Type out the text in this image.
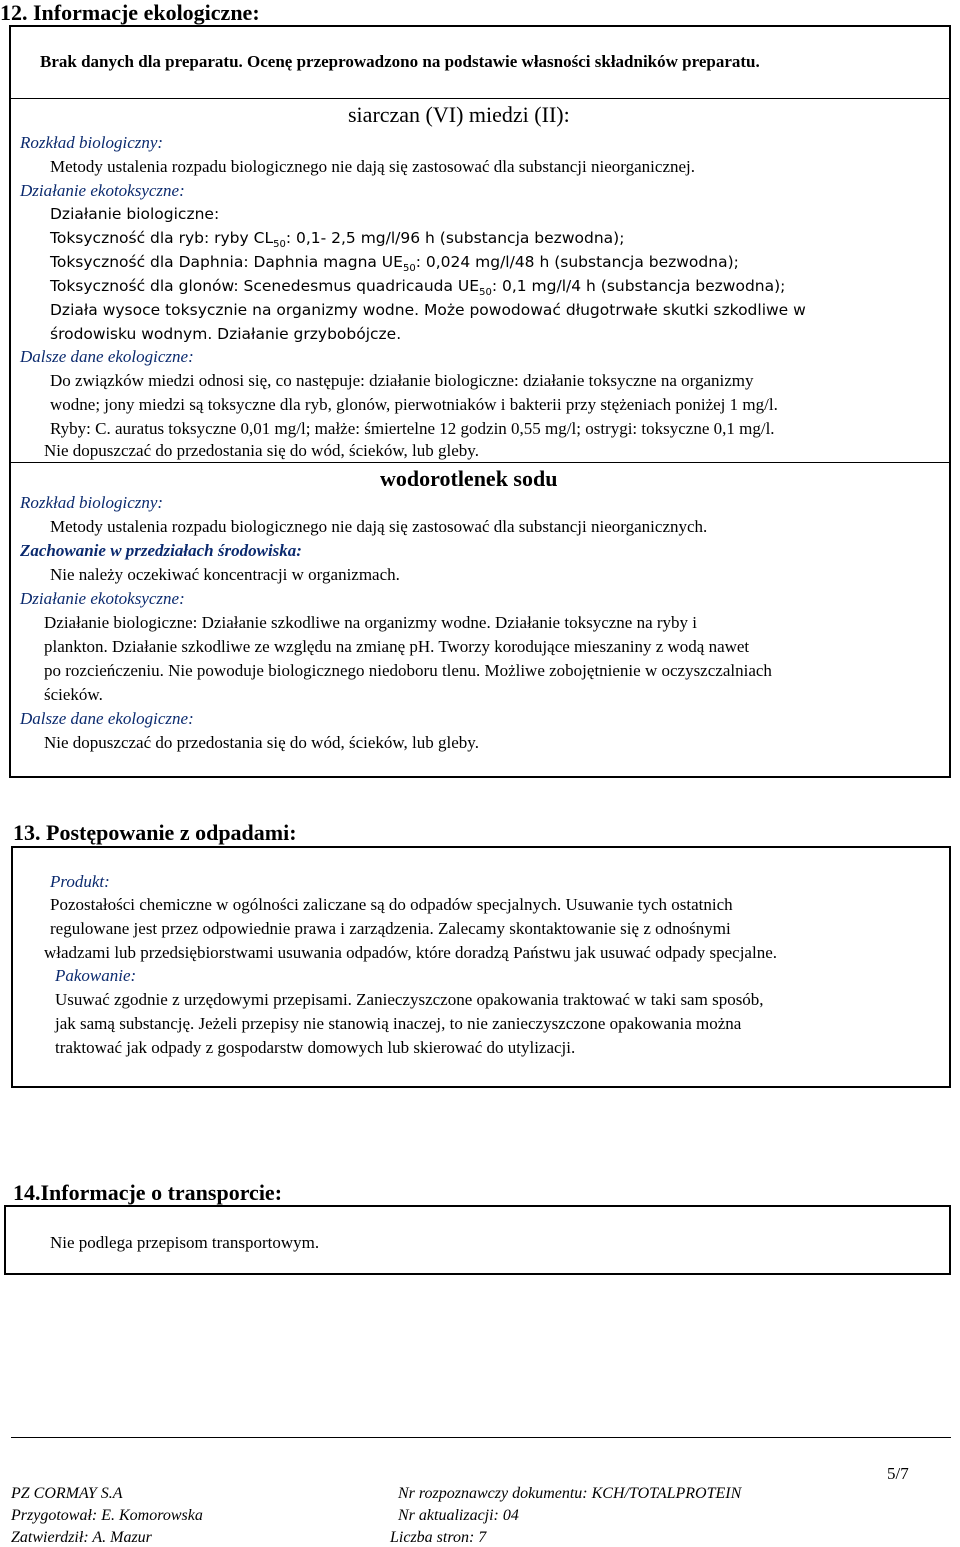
12. Informacje ekologiczne:
Brak danych dla preparatu. Ocenę przeprowadzono na podstawie własności składników preparatu.
siarczan (VI) miedzi (II):
Rozkład biologiczny:
Metody ustalenia rozpadu biologicznego nie dają się zastosować dla substancji nieorganicznej.
Działanie ekotoksyczne:
Działanie biologiczne:
Toksyczność dla ryb: ryby $CL_{50}$: 0,1- 2,5 mg/l/96 h (substancja bezwodna);
Toksyczność dla Daphnia: Daphnia magna $UE_{50}$: 0,024 mg/l/48 h (substancja bezwodna);
Toksyczność dla glonów: Scenedesmus quadricauda $UE_{50}$: 0,1 mg/l/4 h (substancja bezwodna);
Działa wysoce toksycznie na organizmy wodne. Może powodować długotrwałe skutki szkodliwe w
środowisku wodnym. Działanie grzybobójcze.
Dalsze dane ekologiczne:
Do związków miedzi odnosi się, co następuje: działanie biologiczne: działanie toksyczne na organizmy
wodne; jony miedzi są toksyczne dla ryb, glonów, pierwotniaków i bakterii przy stężeniach poniżej 1 mg/l.
Ryby: C. auratus toksyczne 0,01 mg/l; małże: śmiertelne 12 godzin 0,55 mg/l; ostrygi: toksyczne 0,1 mg/l.
Nie dopuszczać do przedostania się do wód, ścieków, lub gleby.
wodorotlenek sodu
Rozkład biologiczny:
Metody ustalenia rozpadu biologicznego nie dają się zastosować dla substancji nieorganicznych.
Zachowanie w przedziałach środowiska:
Nie należy oczekiwać koncentracji w organizmach.
Działanie ekotoksyczne:
Działanie biologiczne: Działanie szkodliwe na organizmy wodne. Działanie toksyczne na ryby i
plankton. Działanie szkodliwe ze względu na zmianę pH. Tworzy korodujące mieszaniny z wodą nawet
po rozcieńczeniu. Nie powoduje biologicznego niedoboru tlenu. Możliwe zobojętnienie w oczyszczalniach
ścieków.
Dalsze dane ekologiczne:
Nie dopuszczać do przedostania się do wód, ścieków, lub gleby.
13. Postępowanie z odpadami:
Produkt:
Pozostałości chemiczne w ogólności zaliczane są do odpadów specjalnych. Usuwanie tych ostatnich
regulowane jest przez odpowiednie prawa i zarządzenia. Zalecamy skontaktowanie się z odnośnymi
władzami lub przedsiębiorstwami usuwania odpadów, które doradzą Państwu jak usuwać odpady specjalne.
Pakowanie:
Usuwać zgodnie z urzędowymi przepisami. Zanieczyszczone opakowania traktować w taki sam sposób,
jak samą substancję. Jeżeli przepisy nie stanowią inaczej, to nie zanieczyszczone opakowania można
traktować jak odpady z gospodarstw domowych lub skierować do utylizacji.
14.Informacje o transporcie:
Nie podlega przepisom transportowym.
5/7
PZ CORMAY S.A
Przygotował: E. Komorowska
Zatwierdził: A. Mazur
Nr rozpoznawczy dokumentu: KCH/TOTALPROTEIN
Nr aktualizacji: 04
Liczba stron: 7
